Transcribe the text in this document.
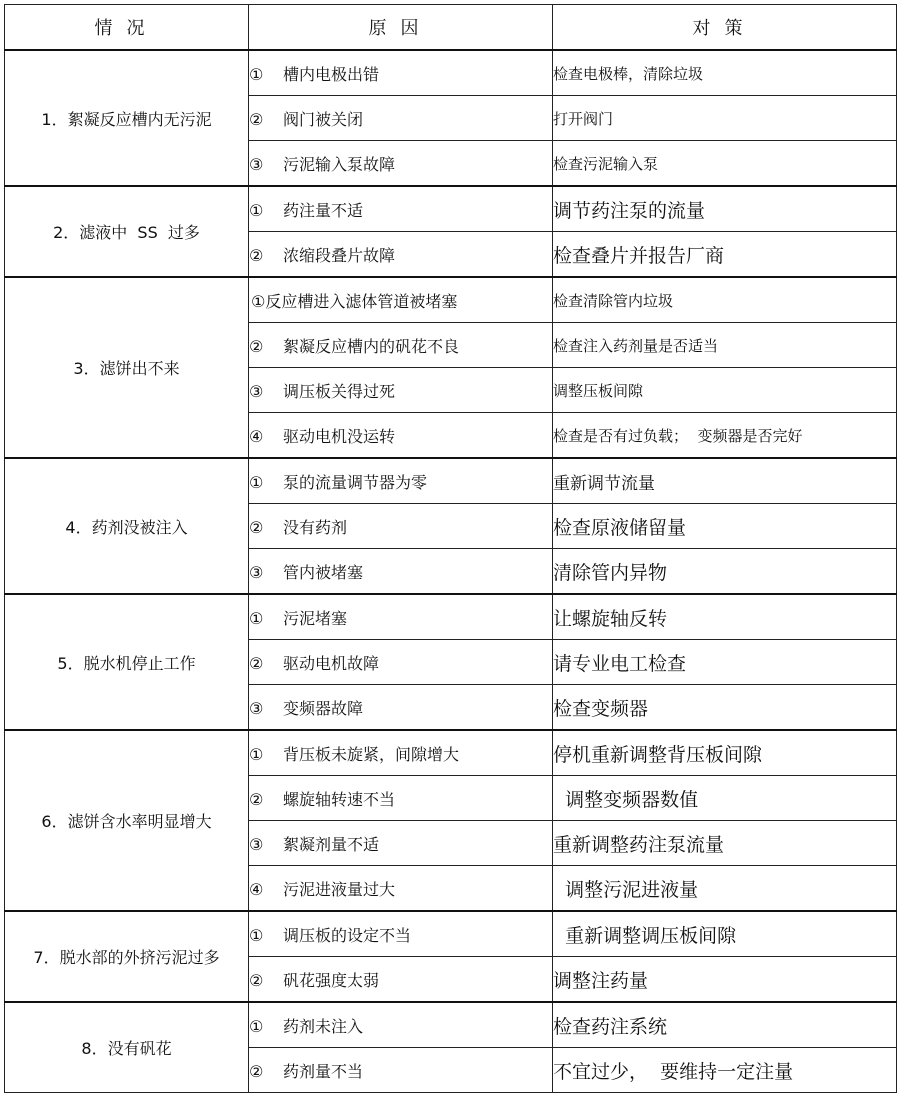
情况	原因	对策
1．絮凝反应槽内无污泥	① 槽内电极出错	检查电极棒，清除垃圾
	② 阀门被关闭	打开阀门
	③ 污泥输入泵故障	检查污泥输入泵
2．滤液中  SS  过多	① 药注量不适	调节药注泵的流量
	② 浓缩段叠片故障	检查叠片并报告厂商
3．滤饼出不来	①反应槽进入滤体管道被堵塞	检查清除管内垃圾
	② 絮凝反应槽内的矾花不良	检查注入药剂量是否适当
	③ 调压板关得过死	调整压板间隙
	④ 驱动电机没运转	检查是否有过负载；  变频器是否完好
4．药剂没被注入	① 泵的流量调节器为零	重新调节流量
	② 没有药剂	检查原液储留量
	③ 管内被堵塞	清除管内异物
5．脱水机停止工作	① 污泥堵塞	让螺旋轴反转
	② 驱动电机故障	请专业电工检查
	③ 变频器故障	检查变频器
6．滤饼含水率明显增大	① 背压板未旋紧，间隙增大	停机重新调整背压板间隙
	② 螺旋轴转速不当	调整变频器数值
	③ 絮凝剂量不适	重新调整药注泵流量
	④ 污泥进液量过大	调整污泥进液量
7．脱水部的外挤污泥过多	① 调压板的设定不当	重新调整调压板间隙
	② 矾花强度太弱	调整注药量
8．没有矾花	① 药剂未注入	检查药注系统
	② 药剂量不当	不宜过少，  要维持一定注量
